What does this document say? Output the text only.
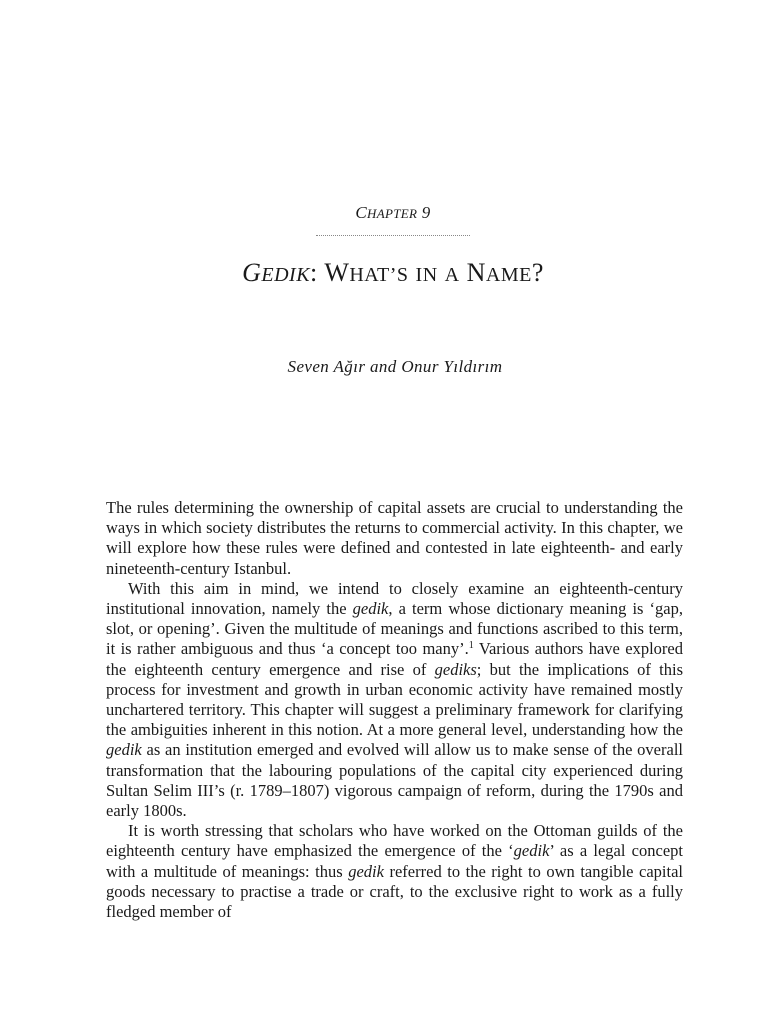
CHAPTER 9
GEDIK: WHAT’S IN A NAME?
Seven Ağır and Onur Yıldırım

The rules determining the ownership of capital assets are crucial to understanding the ways in which society distributes the returns to commercial activity. In this chapter, we will explore how these rules were defined and contested in late eighteenth- and early nineteenth-century Istanbul.

With this aim in mind, we intend to closely examine an eighteenth-century institutional innovation, namely the gedik, a term whose dictionary meaning is ‘gap, slot, or opening’. Given the multitude of meanings and functions ascribed to this term, it is rather ambiguous and thus ‘a concept too many’.$^1$ Various authors have explored the eighteenth century emergence and rise of gediks; but the implications of this process for investment and growth in urban economic activity have remained mostly unchartered territory. This chapter will suggest a preliminary framework for clarifying the ambiguities inherent in this notion. At a more general level, understanding how the gedik as an institution emerged and evolved will allow us to make sense of the overall transformation that the labouring populations of the capital city experienced during Sultan Selim III’s (r. 1789–1807) vigorous campaign of reform, during the 1790s and early 1800s.

It is worth stressing that scholars who have worked on the Ottoman guilds of the eighteenth century have emphasized the emergence of the ‘gedik’ as a legal concept with a multitude of meanings: thus gedik referred to the right to own tangible capital goods necessary to practise a trade or craft, to the exclusive right to work as a fully fledged member of
